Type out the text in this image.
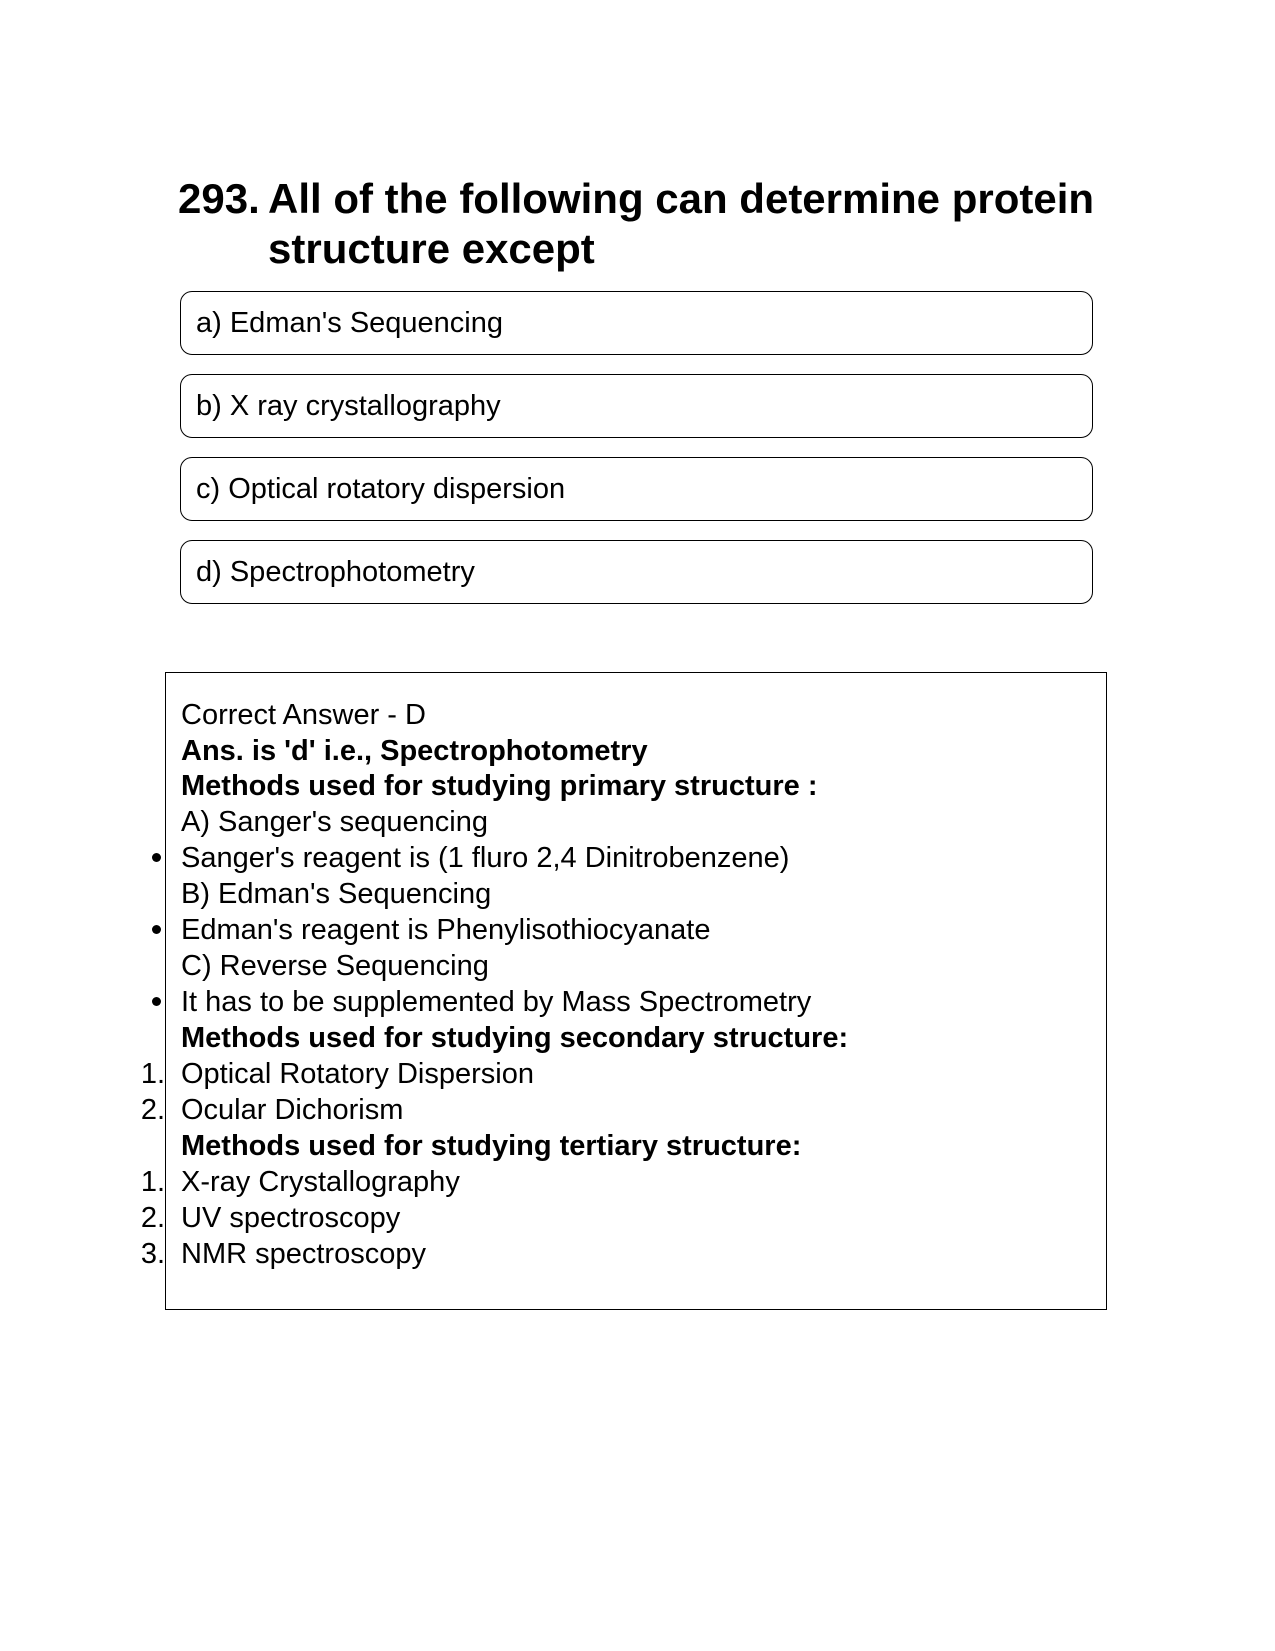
293. All of the following can determine protein structure except
a) Edman's Sequencing
b) X ray crystallography
c) Optical rotatory dispersion
d) Spectrophotometry
Correct Answer - D
Ans. is 'd' i.e., Spectrophotometry
Methods used for studying primary structure :
A) Sanger's sequencing
Sanger's reagent is (1 fluro 2,4 Dinitrobenzene)
B) Edman's Sequencing
Edman's reagent is Phenylisothiocyanate
C) Reverse Sequencing
It has to be supplemented by Mass Spectrometry
Methods used for studying secondary structure:
1. Optical Rotatory Dispersion
2. Ocular Dichorism
Methods used for studying tertiary structure:
1. X-ray Crystallography
2. UV spectroscopy
3. NMR spectroscopy
